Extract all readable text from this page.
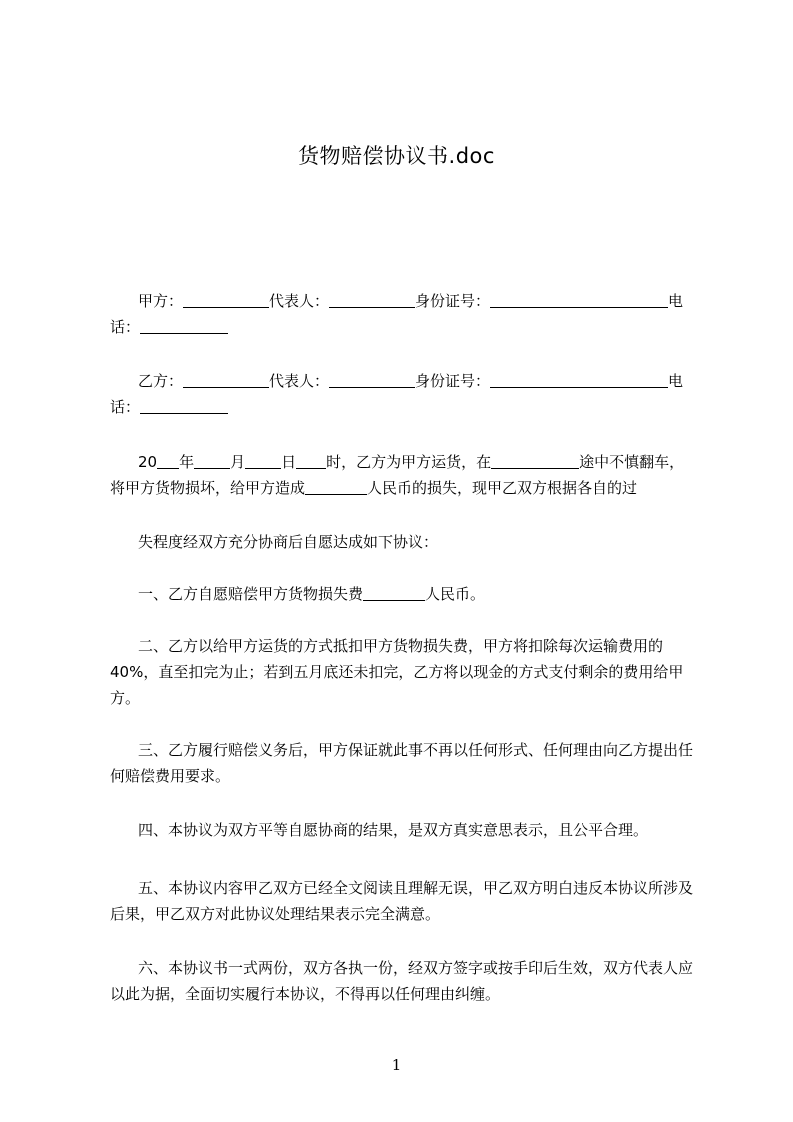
货物赔偿协议书.doc

甲方：	代表人：	身份证号：	电
话：

乙方：	代表人：	身份证号：	电
话：

20 年 月 日 时，乙方为甲方运货，在	途中不慎翻车，
将甲方货物损坏，给甲方造成	人民币的损失，现甲乙双方根据各自的过

失程度经双方充分协商后自愿达成如下协议：

一、乙方自愿赔偿甲方货物损失费	人民币。

二、乙方以给甲方运货的方式抵扣甲方货物损失费，甲方将扣除每次运输费用的40%，直至扣完为止；若到五月底还未扣完，乙方将以现金的方式支付剩余的费用给甲方。

三、乙方履行赔偿义务后，甲方保证就此事不再以任何形式、任何理由向乙方提出任何赔偿费用要求。

四、本协议为双方平等自愿协商的结果，是双方真实意思表示，且公平合理。

五、本协议内容甲乙双方已经全文阅读且理解无误，甲乙双方明白违反本协议所涉及后果，甲乙双方对此协议处理结果表示完全满意。

六、本协议书一式两份，双方各执一份，经双方签字或按手印后生效，双方代表人应以此为据，全面切实履行本协议，不得再以任何理由纠缠。

1
